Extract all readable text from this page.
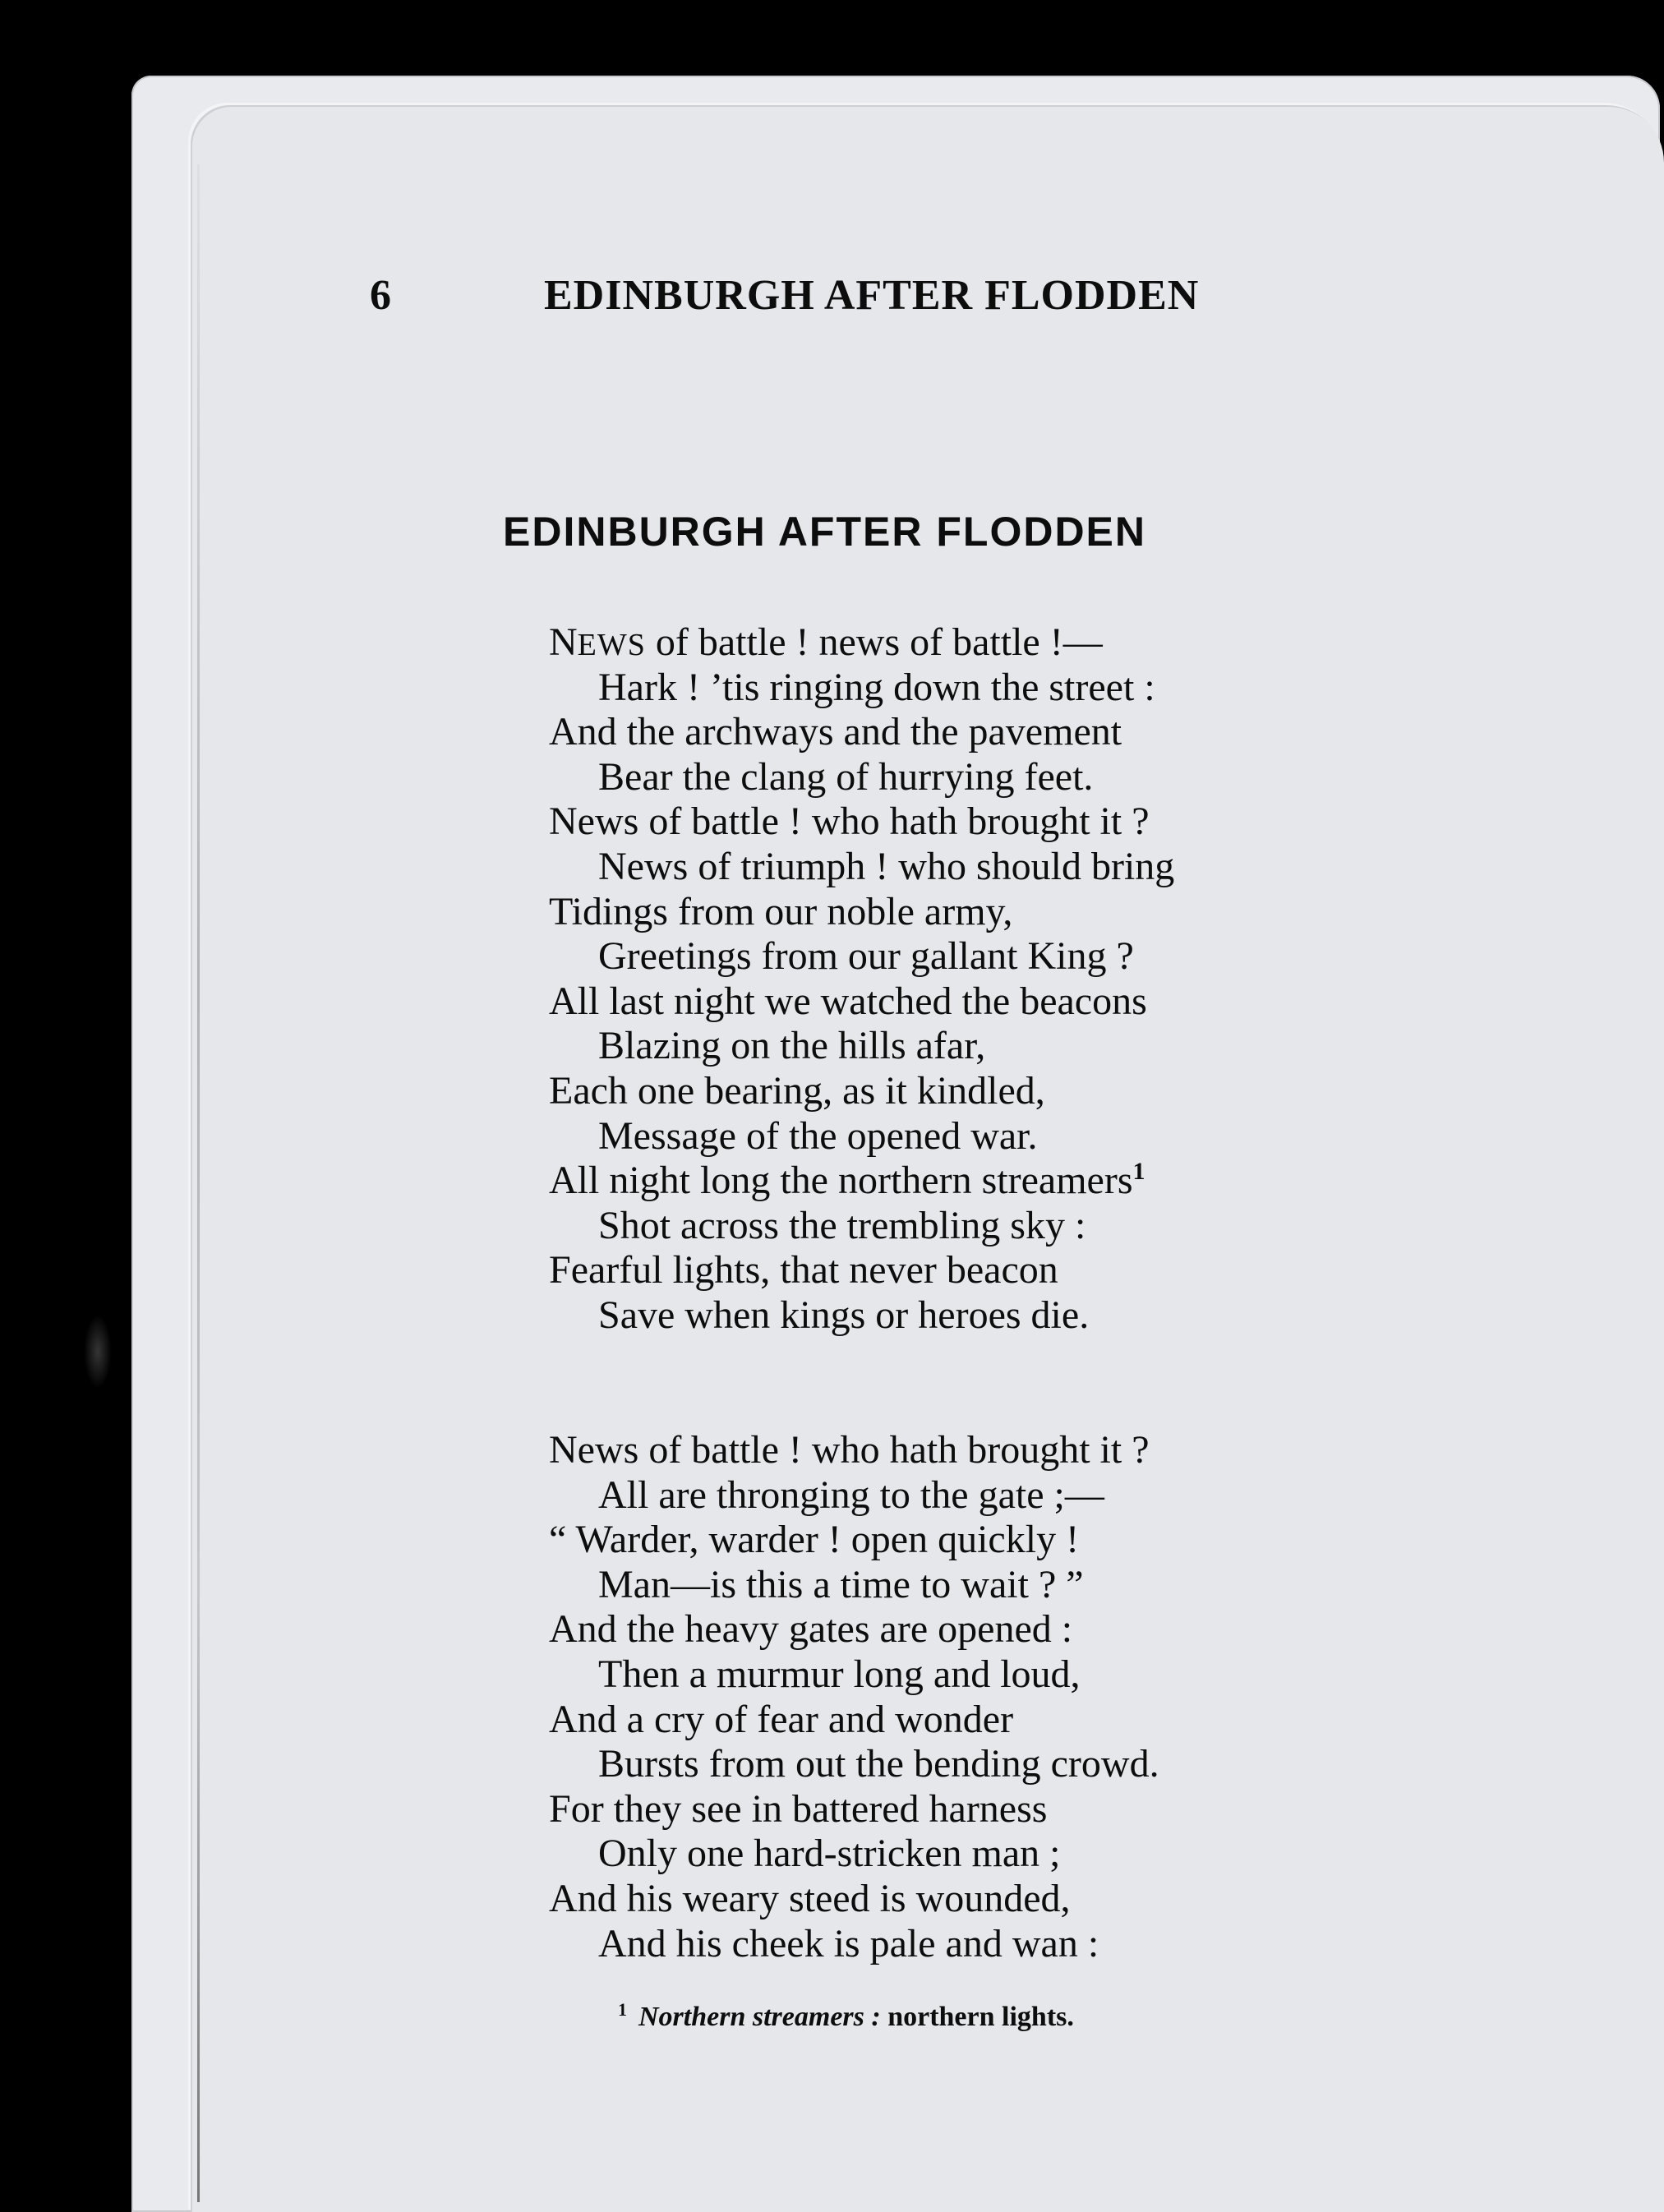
6	EDINBURGH AFTER FLODDEN
EDINBURGH AFTER FLODDEN
NEWS of battle ! news of battle !—
Hark ! ’tis ringing down the street :
And the archways and the pavement
Bear the clang of hurrying feet.
News of battle ! who hath brought it ?
News of triumph ! who should bring
Tidings from our noble army,
Greetings from our gallant King ?
All last night we watched the beacons
Blazing on the hills afar,
Each one bearing, as it kindled,
Message of the opened war.
All night long the northern streamers$^1$
Shot across the trembling sky :
Fearful lights, that never beacon
Save when kings or heroes die.
News of battle ! who hath brought it ?
All are thronging to the gate ;—
“ Warder, warder ! open quickly !
Man—is this a time to wait ? ”
And the heavy gates are opened :
Then a murmur long and loud,
And a cry of fear and wonder
Bursts from out the bending crowd.
For they see in battered harness
Only one hard-stricken man ;
And his weary steed is wounded,
And his cheek is pale and wan :
$^1$ Northern streamers : northern lights.
